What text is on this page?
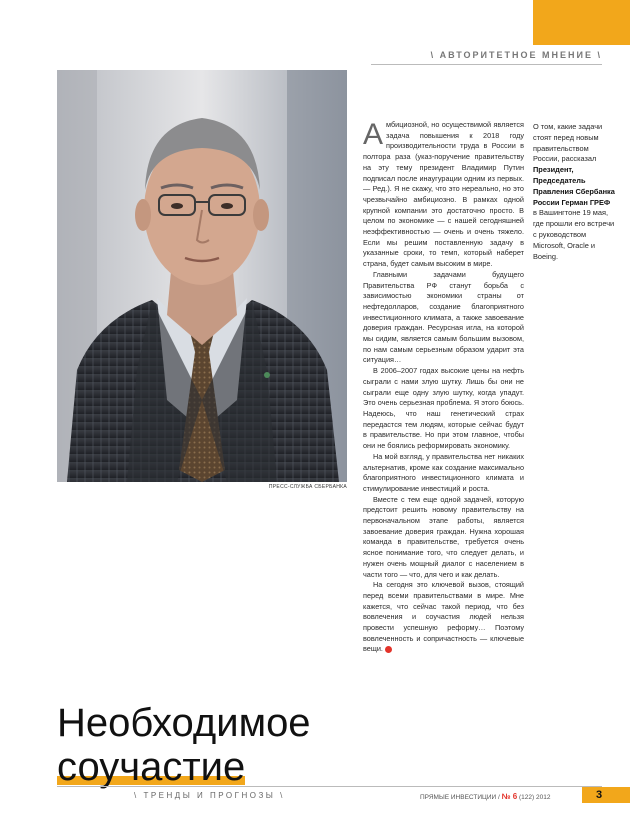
\ АВТОРИТЕТНОЕ МНЕНИЕ \
ПРЕСС-СЛУЖБА СБЕРБАНКА
Необходимое
соучастие

Амбициозной, но осуществимой является задача повышения к 2018 году производительности труда в России в полтора раза (указ-поручение правительству на эту тему президент Владимир Путин подписал после инаугурации одним из первых. — Ред.). Я не скажу, что это нереально, но это чрезвычайно амбициозно. В рамках одной крупной компании это достаточно просто. В целом по экономике — с нашей сегодняшней неэффективностью — очень и очень тяжело. Если мы решим поставленную задачу в указанные сроки, то темп, который наберет страна, будет самым высоким в мире.

Главными задачами будущего Правительства РФ станут борьба с зависимостью экономики страны от нефтедолларов, создание благоприятного инвестиционного климата, а также завоевание доверия граждан. Ресурсная игла, на которой мы сидим, является самым большим вызовом, по нам самым серьезным образом ударит эта ситуация…

В 2006–2007 годах высокие цены на нефть сыграли с нами злую шутку. Лишь бы они не сыграли еще одну злую шутку, когда упадут. Это очень серьезная проблема. Я этого боюсь. Надеюсь, что наш генетический страх передастся тем людям, которые сейчас будут в правительстве. Но при этом главное, чтобы они не боялись реформировать экономику.

На мой взгляд, у правительства нет никаких альтернатив, кроме как создание максимально благоприятного инвестиционного климата и стимулирование инвестиций и роста.

Вместе с тем еще одной задачей, которую предстоит решить новому правительству на первоначальном этапе работы, является завоевание доверия граждан. Нужна хорошая команда в правительстве, требуется очень ясное понимание того, что следует делать, и нужен очень мощный диалог с населением в части того — что, для чего и как делать.

На сегодня это ключевой вызов, стоящий перед всеми правительствами в мире. Мне кажется, что сейчас такой период, что без вовлечения и соучастия людей нельзя провести успешную реформу… Поэтому вовлеченность и сопричастность — ключевые вещи.

О том, какие задачи стоят перед новым правительством России, рассказал Президент, Председатель Правления Сбербанка России Герман ГРЕФ в Вашингтоне 19 мая, где прошли его встречи с руководством Microsoft, Oracle и Boeing.
\ ТРЕНДЫ И ПРОГНОЗЫ \	ПРЯМЫЕ ИНВЕСТИЦИИ / № 6 (122) 2012	3
